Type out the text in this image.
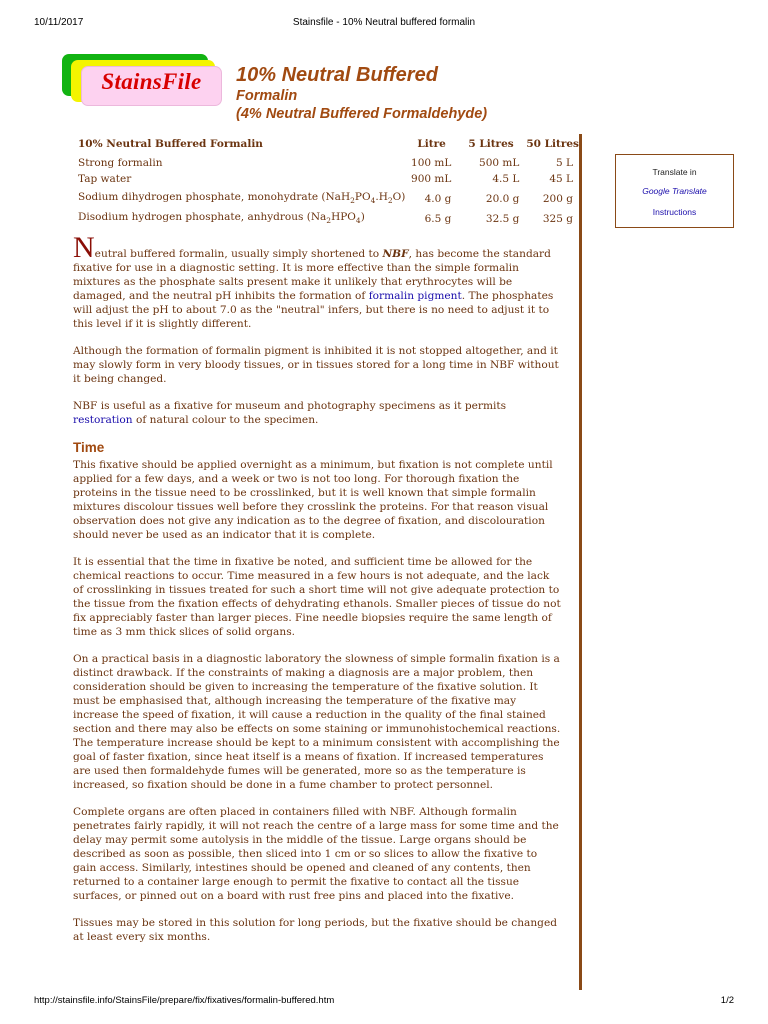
10/11/2017	Stainsfile - 10% Neutral buffered formalin
StainsFile	10% Neutral Buffered
Formalin
(4% Neutral Buffered Formaldehyde)
10% Neutral Buffered Formalin	Litre	5 Litres	50 Litres
Strong formalin	100 mL	500 mL	5 L
Tap water	900 mL	4.5 L	45 L
Sodium dihydrogen phosphate, monohydrate $(NaH_2PO_4.H_2O)$	4.0 g	20.0 g	200 g
Disodium hydrogen phosphate, anhydrous $(Na_2HPO_4)$	6.5 g	32.5 g	325 g
Translate in
Google Translate
Instructions

Neutral buffered formalin, usually simply shortened to NBF, has become the standard fixative for use in a diagnostic setting. It is more effective than the simple formalin mixtures as the phosphate salts present make it unlikely that erythrocytes will be damaged, and the neutral pH inhibits the formation of formalin pigment. The phosphates will adjust the pH to about 7.0 as the "neutral" infers, but there is no need to adjust it to this level if it is slightly different.

Although the formation of formalin pigment is inhibited it is not stopped altogether, and it may slowly form in very bloody tissues, or in tissues stored for a long time in NBF without it being changed.

NBF is useful as a fixative for museum and photography specimens as it permits restoration of natural colour to the specimen.

Time

This fixative should be applied overnight as a minimum, but fixation is not complete until applied for a few days, and a week or two is not too long. For thorough fixation the proteins in the tissue need to be crosslinked, but it is well known that simple formalin mixtures discolour tissues well before they crosslink the proteins. For that reason visual observation does not give any indication as to the degree of fixation, and discolouration should never be used as an indicator that it is complete.

It is essential that the time in fixative be noted, and sufficient time be allowed for the chemical reactions to occur. Time measured in a few hours is not adequate, and the lack of crosslinking in tissues treated for such a short time will not give adequate protection to the tissue from the fixation effects of dehydrating ethanols. Smaller pieces of tissue do not fix appreciably faster than larger pieces. Fine needle biopsies require the same length of time as 3 mm thick slices of solid organs.

On a practical basis in a diagnostic laboratory the slowness of simple formalin fixation is a distinct drawback. If the constraints of making a diagnosis are a major problem, then consideration should be given to increasing the temperature of the fixative solution. It must be emphasised that, although increasing the temperature of the fixative may increase the speed of fixation, it will cause a reduction in the quality of the final stained section and there may also be effects on some staining or immunohistochemical reactions. The temperature increase should be kept to a minimum consistent with accomplishing the goal of faster fixation, since heat itself is a means of fixation. If increased temperatures are used then formaldehyde fumes will be generated, more so as the temperature is increased, so fixation should be done in a fume chamber to protect personnel.

Complete organs are often placed in containers filled with NBF. Although formalin penetrates fairly rapidly, it will not reach the centre of a large mass for some time and the delay may permit some autolysis in the middle of the tissue. Large organs should be described as soon as possible, then sliced into 1 cm or so slices to allow the fixative to gain access. Similarly, intestines should be opened and cleaned of any contents, then returned to a container large enough to permit the fixative to contact all the tissue surfaces, or pinned out on a board with rust free pins and placed into the fixative.

Tissues may be stored in this solution for long periods, but the fixative should be changed at least every six months.

http://stainsfile.info/StainsFile/prepare/fix/fixatives/formalin-buffered.htm	1/2
